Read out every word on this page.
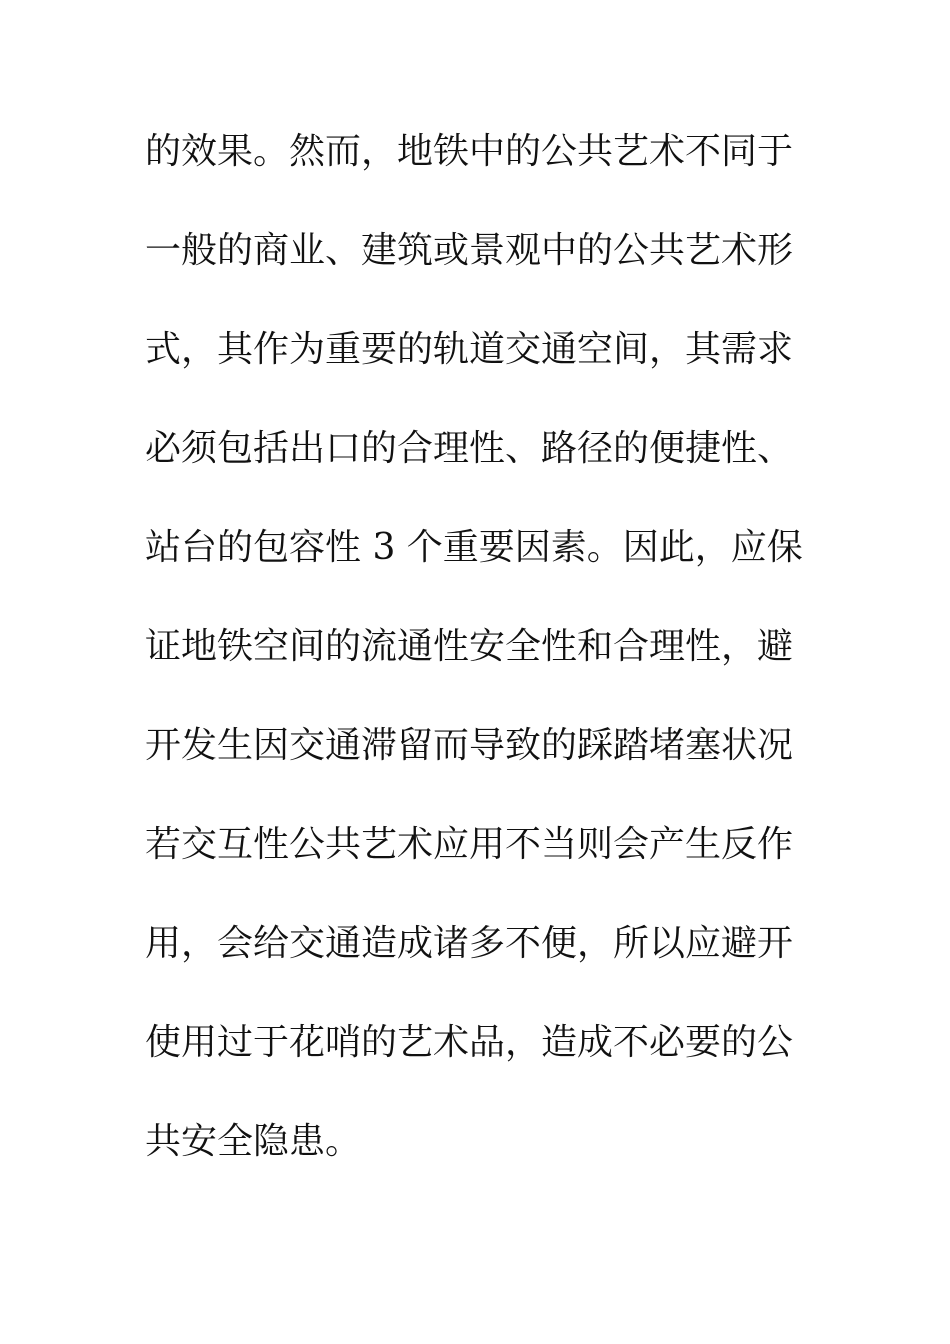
的效果。然而，地铁中的公共艺术不同于
一般的商业、建筑或景观中的公共艺术形
式，其作为重要的轨道交通空间，其需求
必须包括出口的合理性、路径的便捷性、
站台的包容性 3 个重要因素。因此，应保
证地铁空间的流通性安全性和合理性，避
开发生因交通滞留而导致的踩踏堵塞状况
若交互性公共艺术应用不当则会产生反作
用，会给交通造成诸多不便，所以应避开
使用过于花哨的艺术品，造成不必要的公
共安全隐患。
